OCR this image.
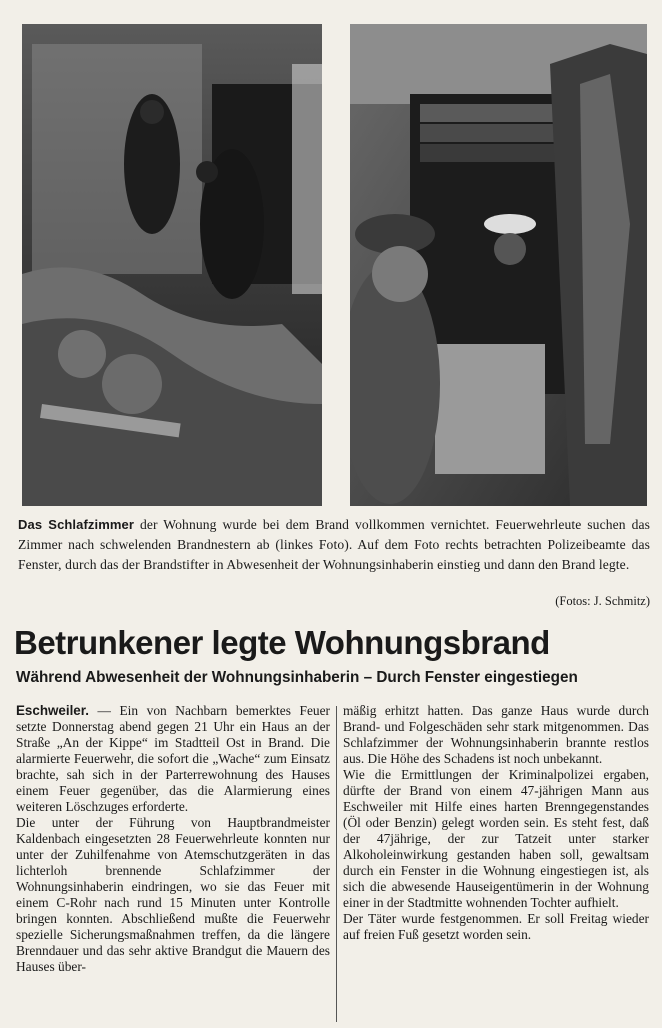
Das Schlafzimmer der Wohnung wurde bei dem Brand vollkommen vernichtet. Feuerwehrleute suchen das Zimmer nach schwelenden Brandnestern ab (linkes Foto). Auf dem Foto rechts betrachten Polizeibeamte das Fenster, durch das der Brandstifter in Abwesenheit der Wohnungsinhaberin einstieg und dann den Brand legte.
(Fotos: J. Schmitz)
Betrunkener legte Wohnungsbrand
Während Abwesenheit der Wohnungsinhaberin – Durch Fenster eingestiegen

Eschweiler. — Ein von Nachbarn bemerktes Feuer setzte Donnerstag abend gegen 21 Uhr ein Haus an der Straße „An der Kippe“ im Stadtteil Ost in Brand. Die alarmierte Feuerwehr, die sofort die „Wache“ zum Einsatz brachte, sah sich in der Parterrewohnung des Hauses einem Feuer gegenüber, das die Alarmierung eines weiteren Löschzuges erforderte.

Die unter der Führung von Hauptbrandmeister Kaldenbach eingesetzten 28 Feuerwehrleute konnten nur unter der Zuhilfenahme von Atemschutzgeräten in das lichterloh brennende Schlafzimmer der Wohnungsinhaberin eindringen, wo sie das Feuer mit einem C-Rohr nach rund 15 Minuten unter Kontrolle bringen konnten. Abschließend mußte die Feuerwehr spezielle Sicherungsmaßnahmen treffen, da die längere Brenndauer und das sehr aktive Brandgut die Mauern des Hauses über-

mäßig erhitzt hatten. Das ganze Haus wurde durch Brand- und Folgeschäden sehr stark mitgenommen. Das Schlafzimmer der Wohnungsinhaberin brannte restlos aus. Die Höhe des Schadens ist noch unbekannt.

Wie die Ermittlungen der Kriminalpolizei ergaben, dürfte der Brand von einem 47-jährigen Mann aus Eschweiler mit Hilfe eines harten Brenngegenstandes (Öl oder Benzin) gelegt worden sein. Es steht fest, daß der 47jährige, der zur Tatzeit unter starker Alkoholeinwirkung gestanden haben soll, gewaltsam durch ein Fenster in die Wohnung eingestiegen ist, als sich die abwesende Hauseigentümerin in der Wohnung einer in der Stadtmitte wohnenden Tochter aufhielt.

Der Täter wurde festgenommen. Er soll Freitag wieder auf freien Fuß gesetzt worden sein.
